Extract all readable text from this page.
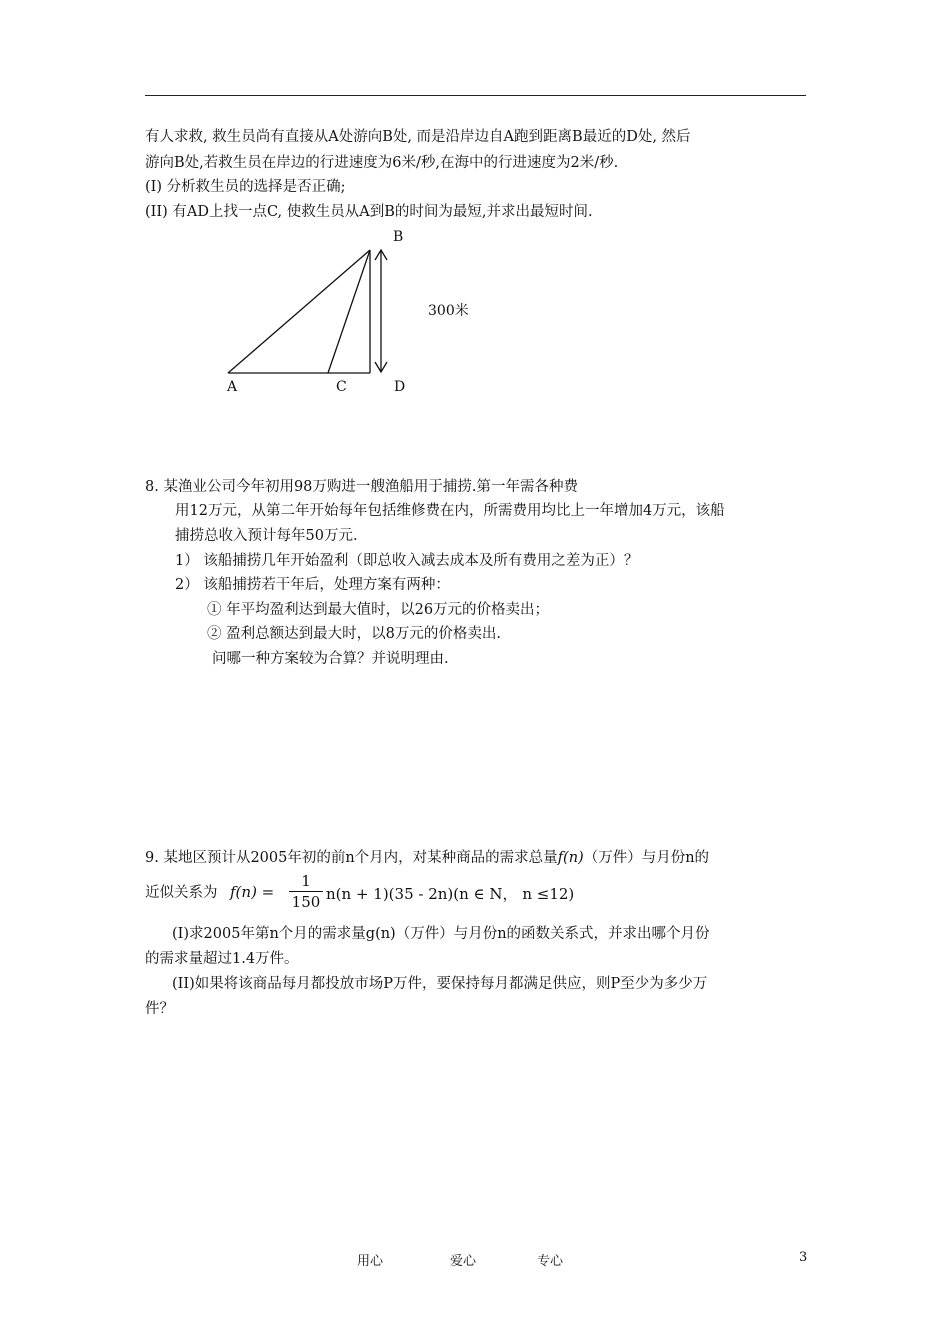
有人求救, 救生员尚有直接从A处游向B处, 而是沿岸边自A跑到距离B最近的D处, 然后
游向B处,若救生员在岸边的行进速度为6米/秒,在海中的行进速度为2米/秒.
(I) 分析救生员的选择是否正确;
(II) 有AD上找一点C, 使救生员从A到B的时间为最短,并求出最短时间.
B
300米
A	C	D
8. 某渔业公司今年初用98万购进一艘渔船用于捕捞.第一年需各种费
用12万元，从第二年开始每年包括维修费在内，所需费用均比上一年增加4万元，该船
捕捞总收入预计每年50万元.
1） 该船捕捞几年开始盈利（即总收入减去成本及所有费用之差为正）？
2） 该船捕捞若干年后，处理方案有两种：
① 年平均盈利达到最大值时，以26万元的价格卖出；
② 盈利总额达到最大时，以8万元的价格卖出.
问哪一种方案较为合算？并说明理由.
9. 某地区预计从2005年初的前n个月内，对某种商品的需求总量f(n)（万件）与月份n的
近似关系为 f(n) =
1
150 n(n + 1)(35 - 2n)(n ∈ N， n ≤12)
(I)求2005年第n个月的需求量g(n)（万件）与月份n的函数关系式，并求出哪个月份
的需求量超过1.4万件。
(II)如果将该商品每月都投放市场P万件，要保持每月都满足供应，则P至少为多少万
件？
用心	爱心	专心	3
